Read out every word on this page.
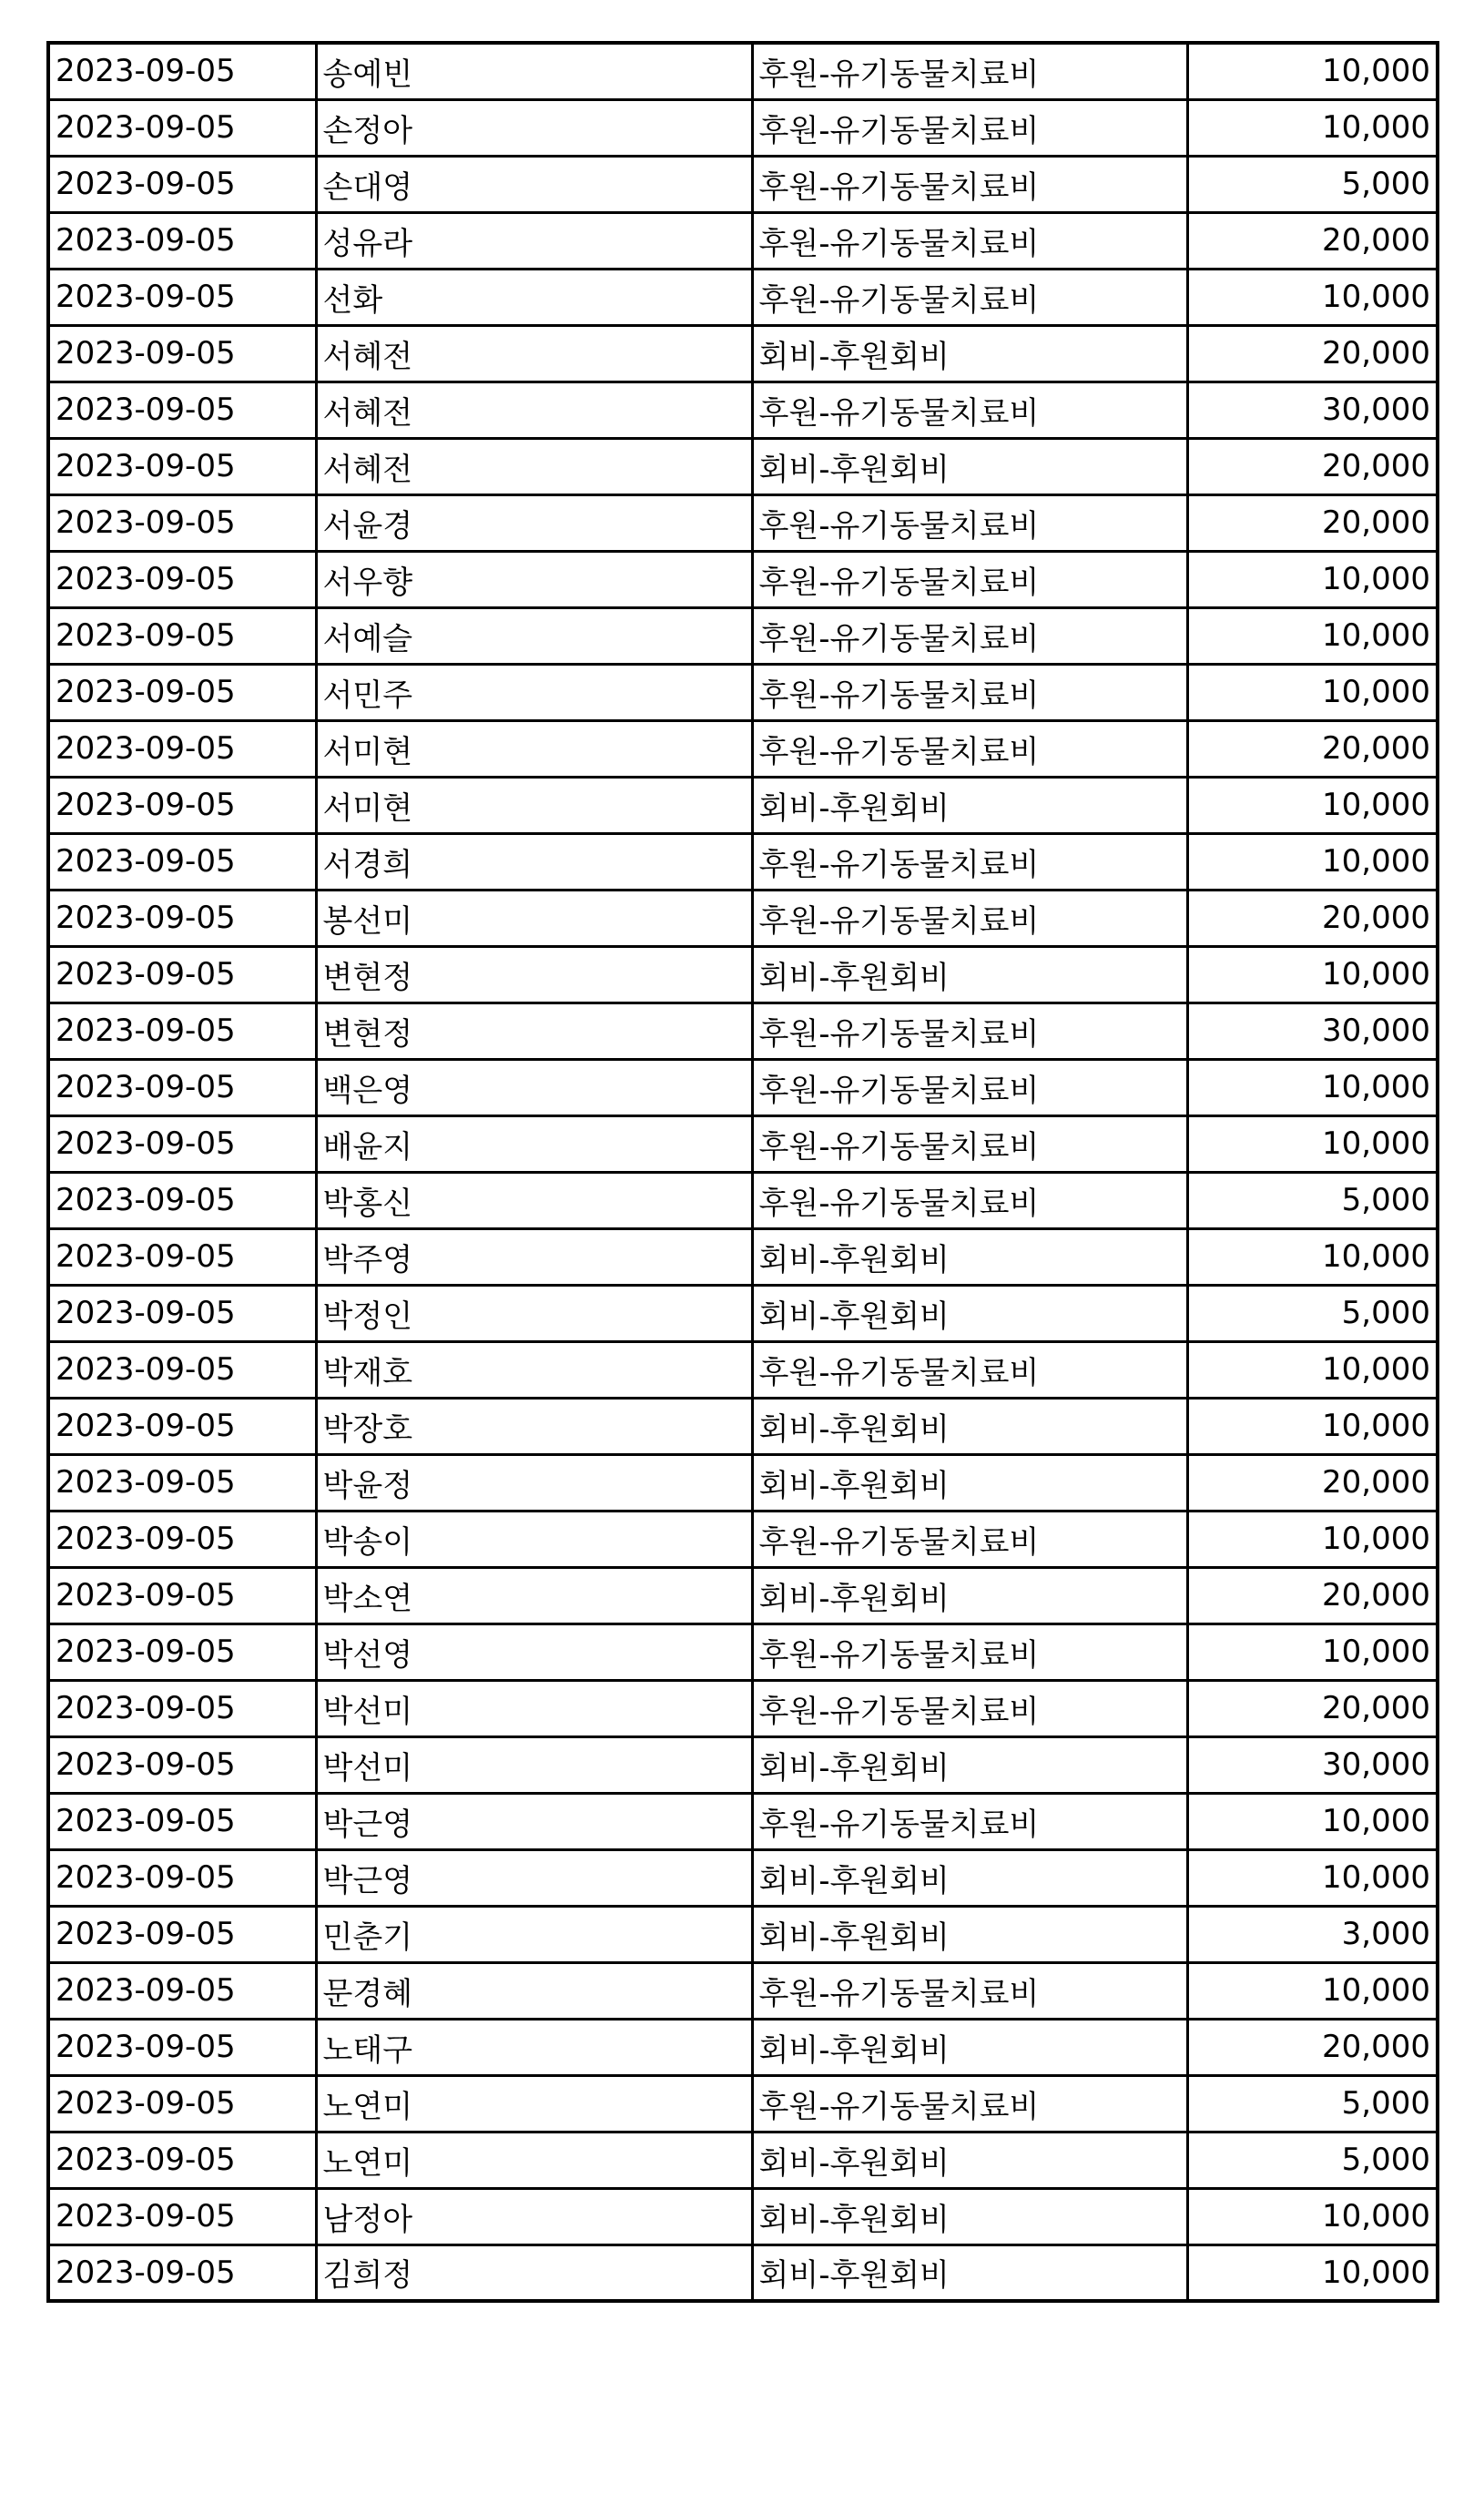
2023-09-05	송예빈	후원-유기동물치료비	10,000
2023-09-05	손정아	후원-유기동물치료비	10,000
2023-09-05	손대영	후원-유기동물치료비	5,000
2023-09-05	성유라	후원-유기동물치료비	20,000
2023-09-05	선화	후원-유기동물치료비	10,000
2023-09-05	서혜전	회비-후원회비	20,000
2023-09-05	서혜전	후원-유기동물치료비	30,000
2023-09-05	서혜전	회비-후원회비	20,000
2023-09-05	서윤경	후원-유기동물치료비	20,000
2023-09-05	서우향	후원-유기동물치료비	10,000
2023-09-05	서예슬	후원-유기동물치료비	10,000
2023-09-05	서민주	후원-유기동물치료비	10,000
2023-09-05	서미현	후원-유기동물치료비	20,000
2023-09-05	서미현	회비-후원회비	10,000
2023-09-05	서경희	후원-유기동물치료비	10,000
2023-09-05	봉선미	후원-유기동물치료비	20,000
2023-09-05	변현정	회비-후원회비	10,000
2023-09-05	변현정	후원-유기동물치료비	30,000
2023-09-05	백은영	후원-유기동물치료비	10,000
2023-09-05	배윤지	후원-유기동물치료비	10,000
2023-09-05	박홍신	후원-유기동물치료비	5,000
2023-09-05	박주영	회비-후원회비	10,000
2023-09-05	박정인	회비-후원회비	5,000
2023-09-05	박재호	후원-유기동물치료비	10,000
2023-09-05	박장호	회비-후원회비	10,000
2023-09-05	박윤정	회비-후원회비	20,000
2023-09-05	박송이	후원-유기동물치료비	10,000
2023-09-05	박소연	회비-후원회비	20,000
2023-09-05	박선영	후원-유기동물치료비	10,000
2023-09-05	박선미	후원-유기동물치료비	20,000
2023-09-05	박선미	회비-후원회비	30,000
2023-09-05	박근영	후원-유기동물치료비	10,000
2023-09-05	박근영	회비-후원회비	10,000
2023-09-05	민춘기	회비-후원회비	3,000
2023-09-05	문경혜	후원-유기동물치료비	10,000
2023-09-05	노태구	회비-후원회비	20,000
2023-09-05	노연미	후원-유기동물치료비	5,000
2023-09-05	노연미	회비-후원회비	5,000
2023-09-05	남정아	회비-후원회비	10,000
2023-09-05	김희정	회비-후원회비	10,000
